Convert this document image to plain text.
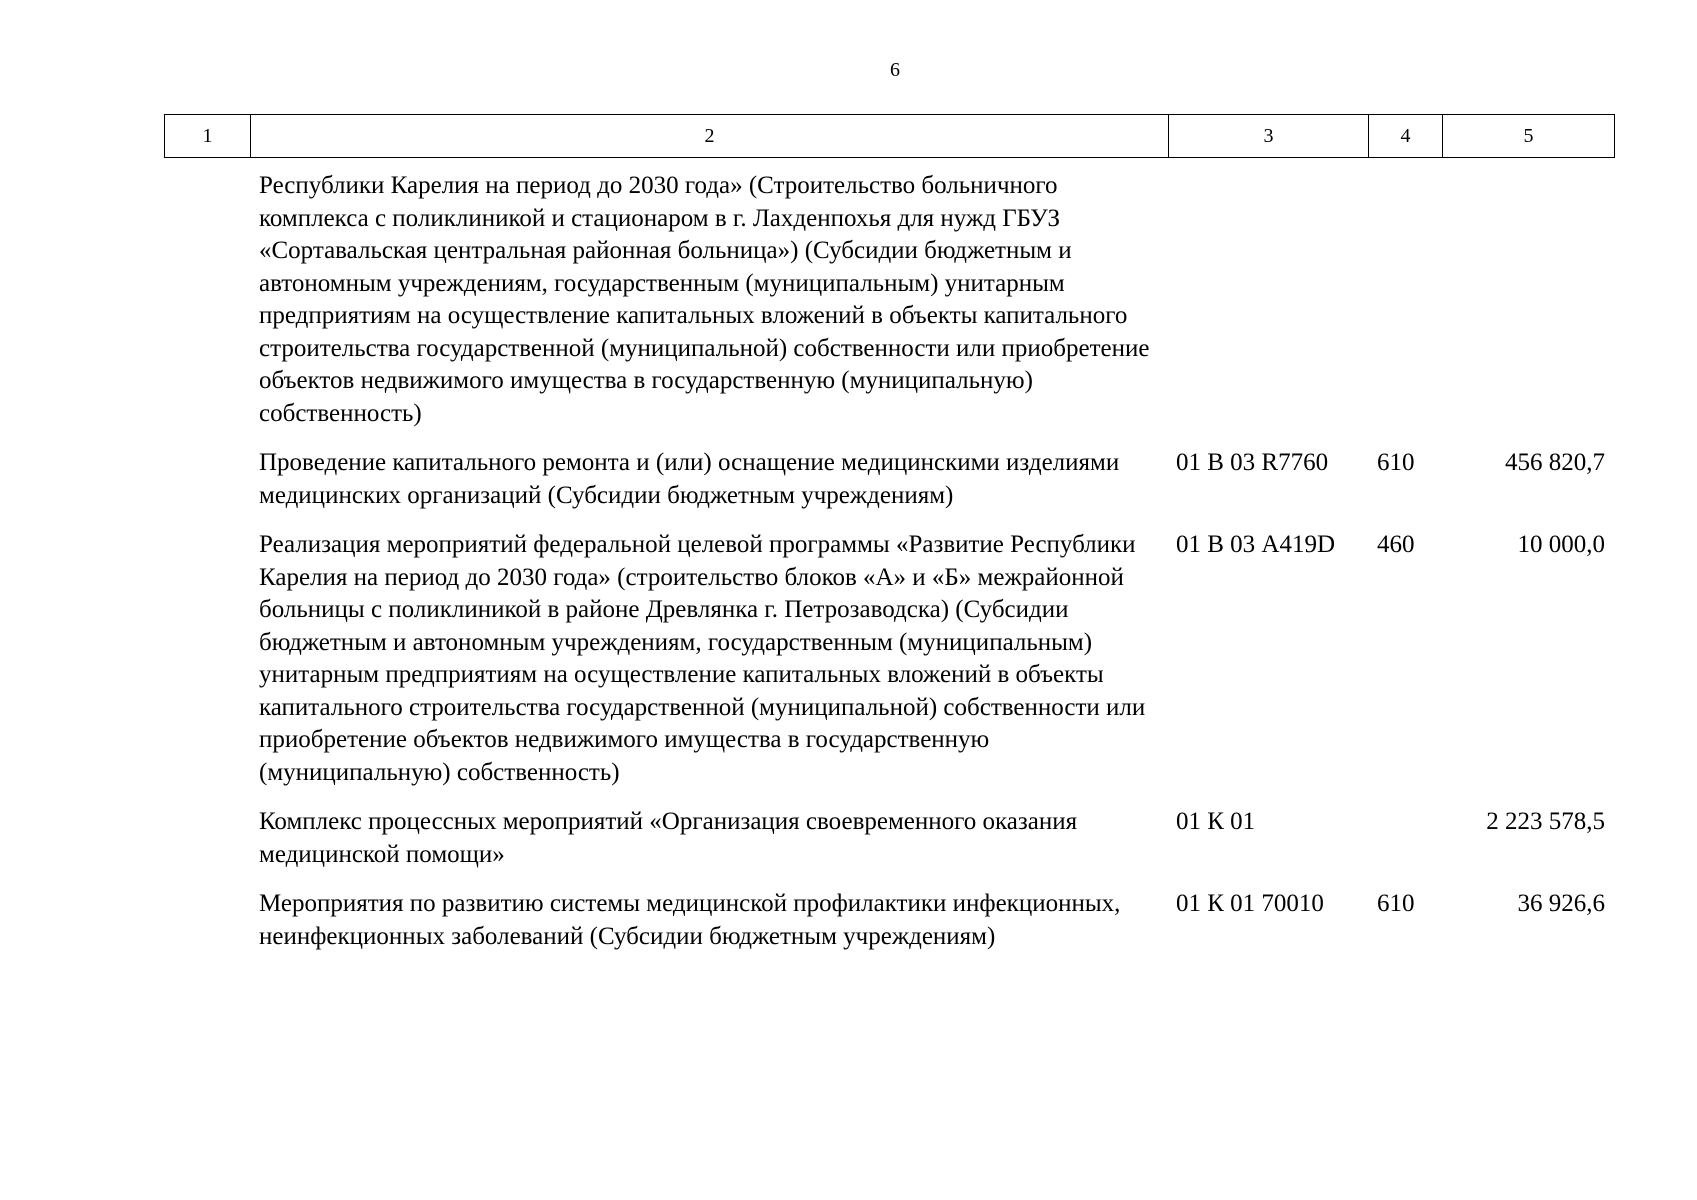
6
1	2	3	4	5
	Республики Карелия на период до 2030 года» (Строительство больничного комплекса с поликлиникой и стационаром в г. Лахденпохья для нужд ГБУЗ «Сортавальская центральная районная больница») (Субсидии бюджетным и автономным учреждениям, государственным (муниципальным) унитарным предприятиям на осуществление капитальных вложений в объекты капитального строительства государственной (муниципальной) собственности или приобретение объектов недвижимого имущества в государственную (муниципальную) собственность)			
	Проведение капитального ремонта и (или) оснащение медицинскими изделиями медицинских организаций (Субсидии бюджетным учреждениям)	01 В 03 R7760	610	456 820,7
	Реализация мероприятий федеральной целевой программы «Развитие Республики Карелия на период до 2030 года» (строительство блоков «А» и «Б» межрайонной больницы с поликлиникой в районе Древлянка г. Петрозаводска) (Субсидии бюджетным и автономным учреждениям, государственным (муниципальным) унитарным предприятиям на осуществление капитальных вложений в объекты капитального строительства государственной (муниципальной) собственности или приобретение объектов недвижимого имущества в государственную (муниципальную) собственность)	01 В 03 А419D	460	10 000,0
	Комплекс процессных мероприятий «Организация своевременного оказания медицинской помощи»	01 К 01		2 223 578,5
	Мероприятия по развитию системы медицинской профилактики инфекционных, неинфекционных заболеваний (Субсидии бюджетным учреждениям)	01 К 01 70010	610	36 926,6
